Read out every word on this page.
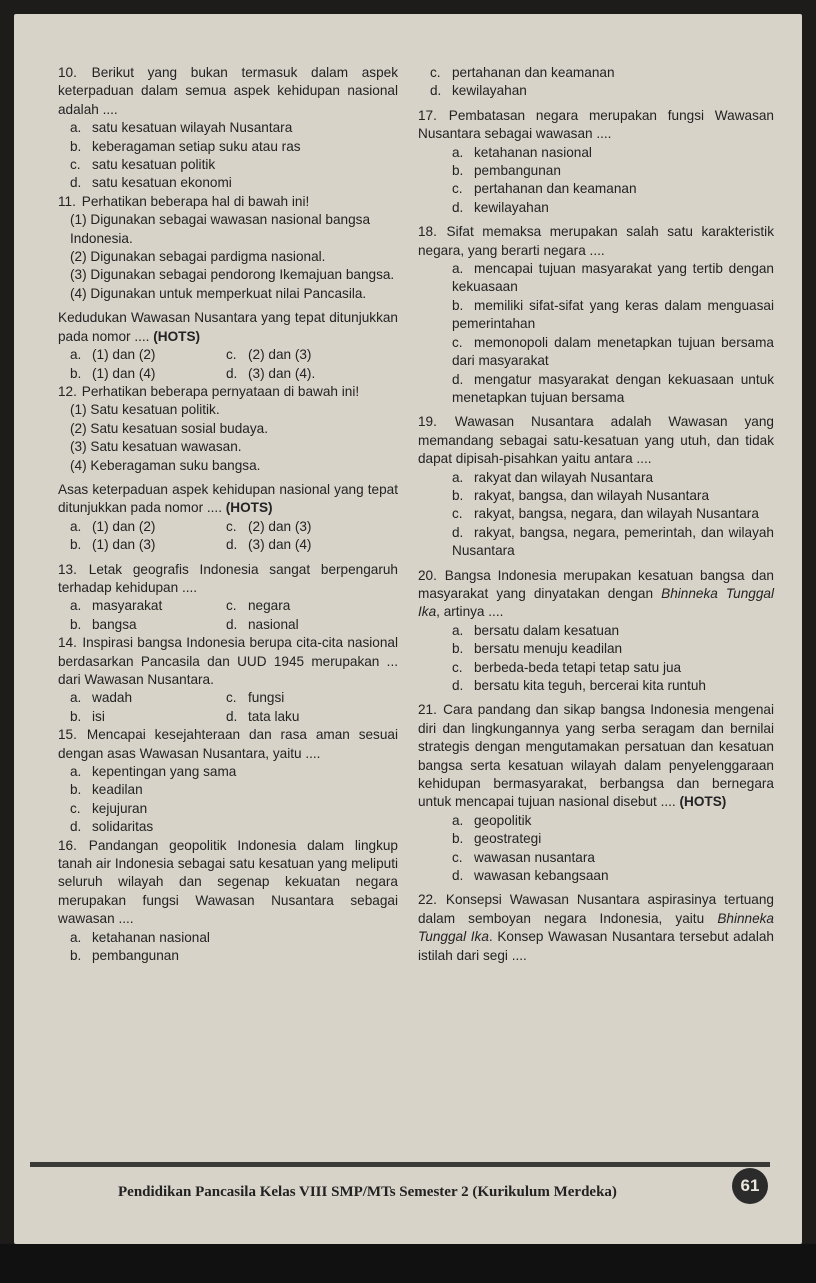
10. Berikut yang bukan termasuk dalam aspek keterpaduan dalam semua aspek kehidupan nasional adalah ....
a. satu kesatuan wilayah Nusantara
b. keberagaman setiap suku atau ras
c. satu kesatuan politik
d. satu kesatuan ekonomi
11. Perhatikan beberapa hal di bawah ini!
(1) Digunakan sebagai wawasan nasional bangsa Indonesia.
(2) Digunakan sebagai pardigma nasional.
(3) Digunakan sebagai pendorong Ikemajuan bangsa.
(4) Digunakan untuk memperkuat nilai Pancasila.
Kedudukan Wawasan Nusantara yang tepat ditunjukkan pada nomor .... (HOTS)
a. (1) dan (2)	c. (2) dan (3)
b. (1) dan (4)	d. (3) dan (4).
12. Perhatikan beberapa pernyataan di bawah ini!
(1) Satu kesatuan politik.
(2) Satu kesatuan sosial budaya.
(3) Satu kesatuan wawasan.
(4) Keberagaman suku bangsa.
Asas keterpaduan aspek kehidupan nasional yang tepat ditunjukkan pada nomor .... (HOTS)
a. (1) dan (2)	c. (2) dan (3)
b. (1) dan (3)	d. (3) dan (4)
13. Letak geografis Indonesia sangat berpengaruh terhadap kehidupan ....
a. masyarakat	c. negara
b. bangsa	d. nasional
14. Inspirasi bangsa Indonesia berupa cita-cita nasional berdasarkan Pancasila dan UUD 1945 merupakan ... dari Wawasan Nusantara.
a. wadah	c. fungsi
b. isi	d. tata laku
15. Mencapai kesejahteraan dan rasa aman sesuai dengan asas Wawasan Nusantara, yaitu ....
a. kepentingan yang sama
b. keadilan
c. kejujuran
d. solidaritas
16. Pandangan geopolitik Indonesia dalam lingkup tanah air Indonesia sebagai satu kesatuan yang meliputi seluruh wilayah dan segenap kekuatan negara merupakan fungsi Wawasan Nusantara sebagai wawasan ....
a. ketahanan nasional
b. pembangunan
c. pertahanan dan keamanan
d. kewilayahan
17. Pembatasan negara merupakan fungsi Wawasan Nusantara sebagai wawasan ....
a. ketahanan nasional
b. pembangunan
c. pertahanan dan keamanan
d. kewilayahan
18. Sifat memaksa merupakan salah satu karakteristik negara, yang berarti negara ....
a. mencapai tujuan masyarakat yang tertib dengan kekuasaan
b. memiliki sifat-sifat yang keras dalam menguasai pemerintahan
c. memonopoli dalam menetapkan tujuan bersama dari masyarakat
d. mengatur masyarakat dengan kekuasaan untuk menetapkan tujuan bersama
19. Wawasan Nusantara adalah Wawasan yang memandang sebagai satu-kesatuan yang utuh, dan tidak dapat dipisah-pisahkan yaitu antara ....
a. rakyat dan wilayah Nusantara
b. rakyat, bangsa, dan wilayah Nusantara
c. rakyat, bangsa, negara, dan wilayah Nusantara
d. rakyat, bangsa, negara, pemerintah, dan wilayah Nusantara
20. Bangsa Indonesia merupakan kesatuan bangsa dan masyarakat yang dinyatakan dengan Bhinneka Tunggal Ika, artinya ....
a. bersatu dalam kesatuan
b. bersatu menuju keadilan
c. berbeda-beda tetapi tetap satu jua
d. bersatu kita teguh, bercerai kita runtuh
21. Cara pandang dan sikap bangsa Indonesia mengenai diri dan lingkungannya yang serba seragam dan bernilai strategis dengan mengutamakan persatuan dan kesatuan bangsa serta kesatuan wilayah dalam penyelenggaraan kehidupan bermasyarakat, berbangsa dan bernegara untuk mencapai tujuan nasional disebut .... (HOTS)
a. geopolitik
b. geostrategi
c. wawasan nusantara
d. wawasan kebangsaan
22. Konsepsi Wawasan Nusantara aspirasinya tertuang dalam semboyan negara Indonesia, yaitu Bhinneka Tunggal Ika. Konsep Wawasan Nusantara tersebut adalah istilah dari segi ....
Pendidikan Pancasila Kelas VIII SMP/MTs Semester 2 (Kurikulum Merdeka)	61
